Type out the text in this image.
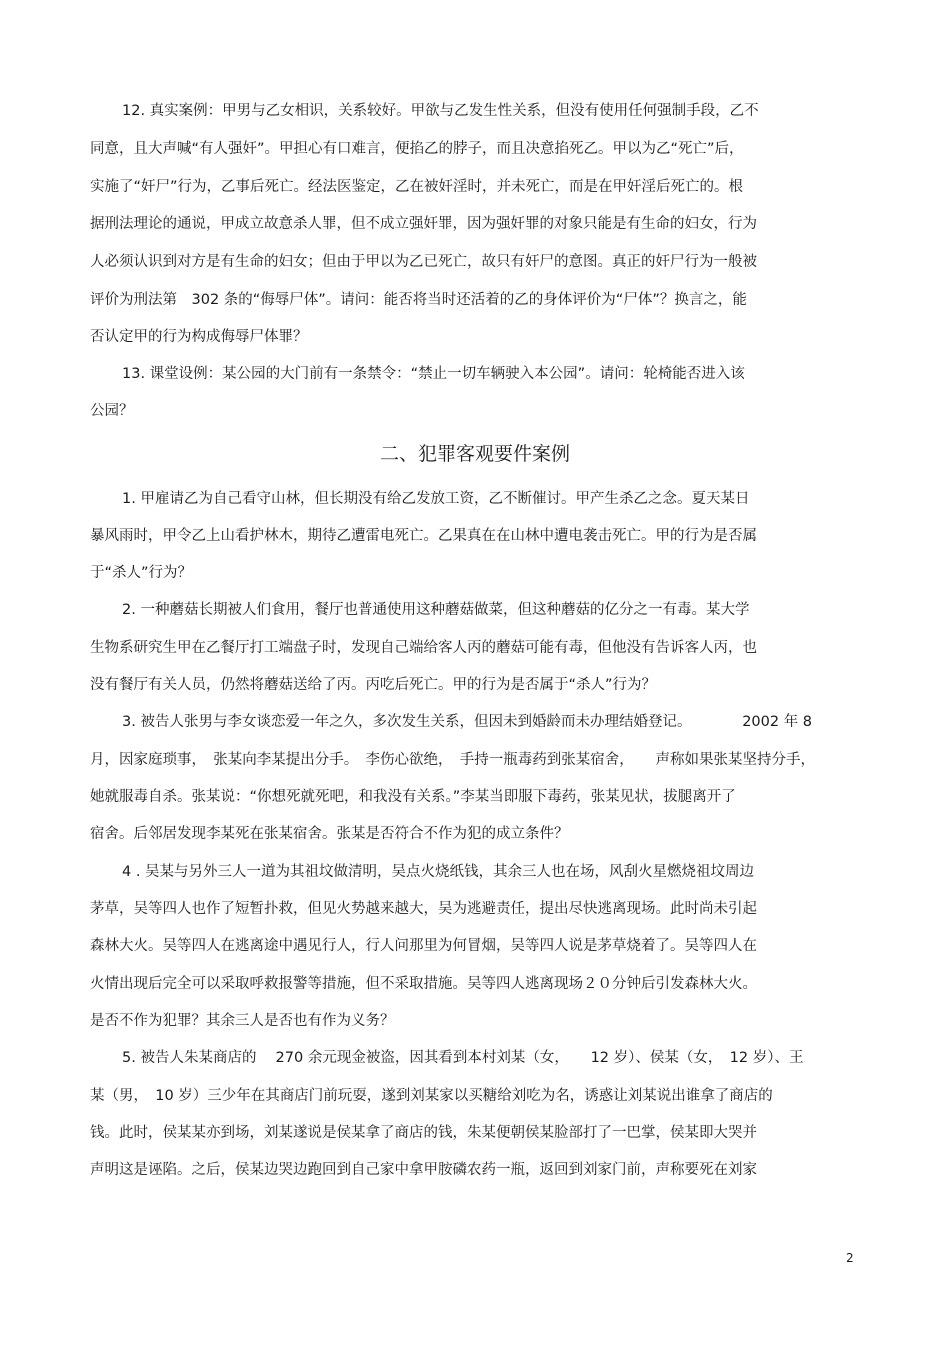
12. 真实案例：甲男与乙女相识，关系较好。甲欲与乙发生性关系，但没有使用任何强制手段，乙不
同意，且大声喊“有人强奸”。甲担心有口难言，便掐乙的脖子，而且决意掐死乙。甲以为乙“死亡”后，
实施了“奸尸”行为，乙事后死亡。经法医鉴定，乙在被奸淫时，并未死亡，而是在甲奸淫后死亡的。根
据刑法理论的通说，甲成立故意杀人罪，但不成立强奸罪，因为强奸罪的对象只能是有生命的妇女，行为
人必须认识到对方是有生命的妇女；但由于甲以为乙已死亡，故只有奸尸的意图。真正的奸尸行为一般被
评价为刑法第　302 条的“侮辱尸体”。请问：能否将当时还活着的乙的身体评价为“尸体”？换言之，能
否认定甲的行为构成侮辱尸体罪？
13. 课堂设例：某公园的大门前有一条禁令：“禁止一切车辆驶入本公园”。请问：轮椅能否进入该
公园？
二、犯罪客观要件案例
1. 甲雇请乙为自己看守山林，但长期没有给乙发放工资，乙不断催讨。甲产生杀乙之念。夏天某日
暴风雨时，甲令乙上山看护林木，期待乙遭雷电死亡。乙果真在在山林中遭电袭击死亡。甲的行为是否属
于“杀人”行为？
2. 一种蘑菇长期被人们食用，餐厅也普通使用这种蘑菇做菜，但这种蘑菇的亿分之一有毒。某大学
生物系研究生甲在乙餐厅打工端盘子时，发现自己端给客人丙的蘑菇可能有毒，但他没有告诉客人丙，也
没有餐厅有关人员，仍然将蘑菇送给了丙。丙吃后死亡。甲的行为是否属于“杀人”行为？
3. 被告人张男与李女谈恋爱一年之久，多次发生关系，但因未到婚龄而未办理结婚登记。　　　　2002 年 8
月，因家庭琐事，　张某向李某提出分手。　李伤心欲绝，　手持一瓶毒药到张某宿舍，　　声称如果张某坚持分手，
她就服毒自杀。张某说：“你想死就死吧，和我没有关系。”李某当即服下毒药，张某见状，拔腿离开了
宿舍。后邻居发现李某死在张某宿舍。张某是否符合不作为犯的成立条件？
4 . 吴某与另外三人一道为其祖坟做清明，吴点火烧纸钱，其余三人也在场，风刮火星燃烧祖坟周边
茅草，吴等四人也作了短暂扑救，但见火势越来越大，吴为逃避责任，提出尽快逃离现场。此时尚未引起
森林大火。吴等四人在逃离途中遇见行人，行人问那里为何冒烟，吴等四人说是茅草烧着了。吴等四人在
火情出现后完全可以采取呼救报警等措施，但不采取措施。吴等四人逃离现场２０分钟后引发森林大火。
是否不作为犯罪？其余三人是否也有作为义务？
5. 被告人朱某商店的　 270 余元现金被盗，因其看到本村刘某（女，　　12 岁）、侯某（女，　12 岁）、王
某（男，　10 岁）三少年在其商店门前玩耍，遂到刘某家以买糖给刘吃为名，诱惑让刘某说出谁拿了商店的
钱。此时，侯某某亦到场，刘某遂说是侯某拿了商店的钱，朱某便朝侯某脸部打了一巴掌，侯某即大哭并
声明这是诬陷。之后，侯某边哭边跑回到自己家中拿甲胺磷农药一瓶，返回到刘家门前，声称要死在刘家
2
